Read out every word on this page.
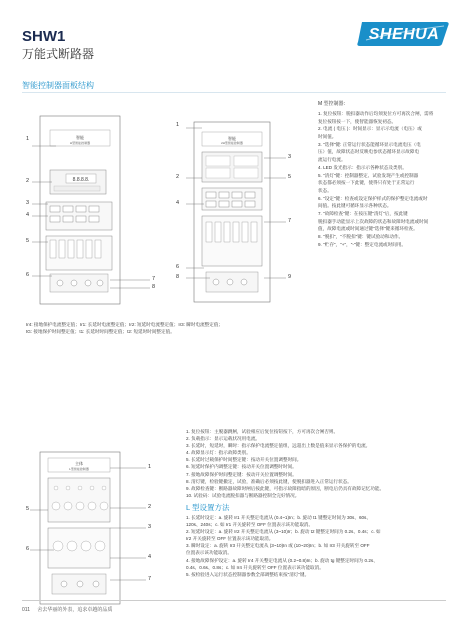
SHW1
万能式断路器
SHEHUA
智能控制器面板结构
智能
H型智能控制器
8.8.8.8.
1
2
3
4
5
6
7
8
智能
2H型智能控制器
1
2
3
4
5
6
7
8	9
M 型控制器：

1. 复位按钮：脱扣器动作后均须复位方可再次合闸，需将

复位按钮按一下，使智能器恢复初态。

2. 电流 ( 电压 )：时间显示：显示示电流（电压）或

时间值。

3. "选择"键: 正常运行状态能循环显示电流电压（电

压）值，故障状态时反映电参状态循环显示故障电

流运行电流。

4. LED 发光指示：指示示各种状态及类别。

5. "清灯"键：控制器整定、试验发现产生或控制器

状态都必须按一下此键，使得只有处于正常运行

状态。

6. "设定"键：检查或设定保护样式的保护整定电流或时

间值。按此键可循环显示各种状态。

7. "故障检查"键：在按压键"清灯"后，按此键

脱扣器手动能显示上次故障的状态和故障时电流或时间

值，故障电流或时间通过键"选择"键来循环检查。

8. "脱扣"，"不脱扣"键：键试验动和动作。

9. "贮存"，"+"，"-"键：整定电流或时间用。

Ir4: 接地保护电流整定值；Ir1: 长延时电流整定值；Ir2: 短延时电流整定值；Ir3: 瞬时电流整定值；

tG: 接地保护时间整定值；t1: 长延时时间整定值；t2: 短延时时间整定值。

主体
L型智能控制器	1
2
3
4
5
6
7

1. 复位按钮：主脱器跳闸，试验相应后复位按钮按下，方可再次合闸否则。

2. 负载指示：显示运载状况用电流。

3. 长延时，短延时，瞬时：指示保护电流整定值组，远超出上数是值来显示各保护的电流。

4. 故障显示灯：指示故障类别。

5. 长延时过载保护时间整定键：按动开关位置调整时间。

6. 短延时保护内调整定键：按动开关位置调整时时间。

7. 接地故障保护时间整定键：按动开关位置调整时间。

8. 清灯键，检验键撤定，试验，准确后必须按此键，使脱扣器进入正常运行状态。

9. 故障检查键：断路器故障时闸后按此键，可指示故障指暗的原因，断电后仍具有故障记忆功能。

10. 试验码：试验电流脱扣器与断路器控制全完好情况。

L 型设置方法

1. 长延时设定：a. 旋转 Ir1 开关整定电流从 (0.4~1)In；b. 旋动 t1 键整定时间为 30s、60s、

120s、240s；c. 如 Ir1 开关旋转至 OFF 位置表示该功能取消。

2. 短延时设定：a. 旋转 Ir2 开关整定电流从 (3~10)Ir；b. 旋动 t2 键整定时间为 0.2s、0.4s；c. 如

Ir2 开关旋转至 OFF 位置表示该功能取消。

3. 瞬时设定：a. 旋转 Ir3 开关整定电流从 (3~10)In 或 (10~20)In；b. 如 Ir3 开关旋转至 OFF

位置表示该功能取消。

4. 接地故障保护设定：a. 旋转 Ir4 开关整定电流从 (0.2~0.8)In；b. 旋动 tg 键整定时间为 0.2s、

0.4s、0.6s、0.8s；c. 如 Ir4 开关旋转至 OFF 位置表示该功能取消。

5. 按检验进入运行状态控制器参数全部调整结束按"清灯"键。

011 舍去华丽的外表，追求卓越的品质
